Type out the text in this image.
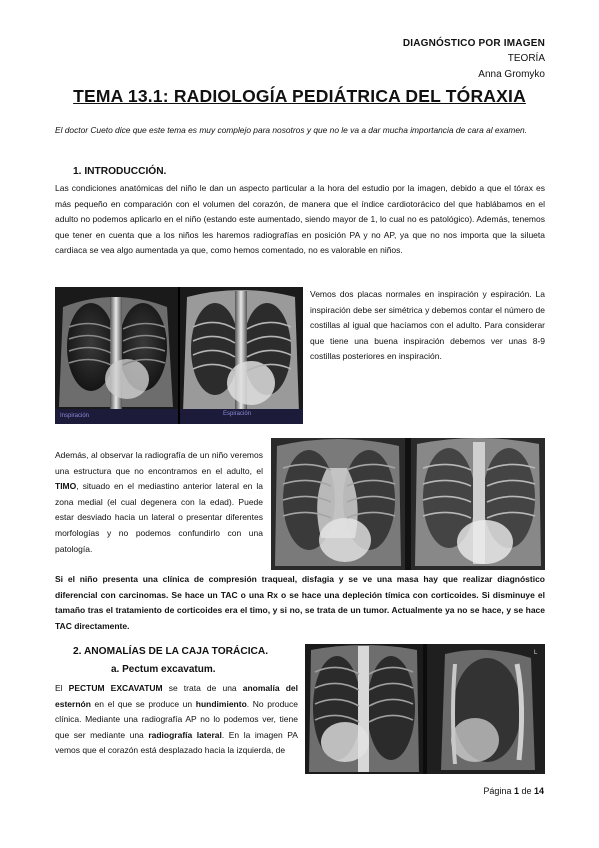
DIAGNÓSTICO POR IMAGEN
TEORÍA
Anna Gromyko
TEMA 13.1: RADIOLOGÍA PEDIÁTRICA DEL TÓRAXIA
El doctor Cueto dice que este tema es muy complejo para nosotros y que no le va a dar mucha importancia de cara al examen.
1. INTRODUCCIÓN.
Las condiciones anatómicas del niño le dan un aspecto particular a la hora del estudio por la imagen, debido a que el tórax es más pequeño en comparación con el volumen del corazón, de manera que el índice cardiotorácico del que hablábamos en el adulto no podemos aplicarlo en el niño (estando este aumentado, siendo mayor de 1, lo cual no es patológico). Además, tenemos que tener en cuenta que a los niños les haremos radiografías en posición PA y no AP, ya que no nos importa que la silueta cardiaca se vea algo aumentada ya que, como hemos comentado, no es valorable en niños.
Inspiración	Espiración
Vemos dos placas normales en inspiración y espiración. La inspiración debe ser simétrica y debemos contar el número de costillas al igual que hacíamos con el adulto. Para considerar que tiene una buena inspiración debemos ver unas 8-9 costillas posteriores en inspiración.
Además, al observar la radiografía de un niño veremos una estructura que no encontramos en el adulto, el TIMO, situado en el mediastino anterior lateral en la zona medial (el cual degenera con la edad). Puede estar desviado hacia un lateral o presentar diferentes morfologías y no podemos confundirlo con una patología.
Si el niño presenta una clínica de compresión traqueal, disfagia y se ve una masa hay que realizar diagnóstico diferencial con carcinomas. Se hace un TAC o una Rx o se hace una depleción tímica con corticoides. Si disminuye el tamaño tras el tratamiento de corticoides era el timo, y si no, se trata de un tumor. Actualmente ya no se hace, y se hace TAC directamente.
2. ANOMALÍAS DE LA CAJA TORÁCICA.
a. Pectum excavatum.
L
El PECTUM EXCAVATUM se trata de una anomalía del esternón en el que se produce un hundimiento. No produce clínica. Mediante una radiografía AP no lo podemos ver, tiene que ser mediante una radiografía lateral. En la imagen PA vemos que el corazón está desplazado hacia la izquierda, de
Página 1 de 14
